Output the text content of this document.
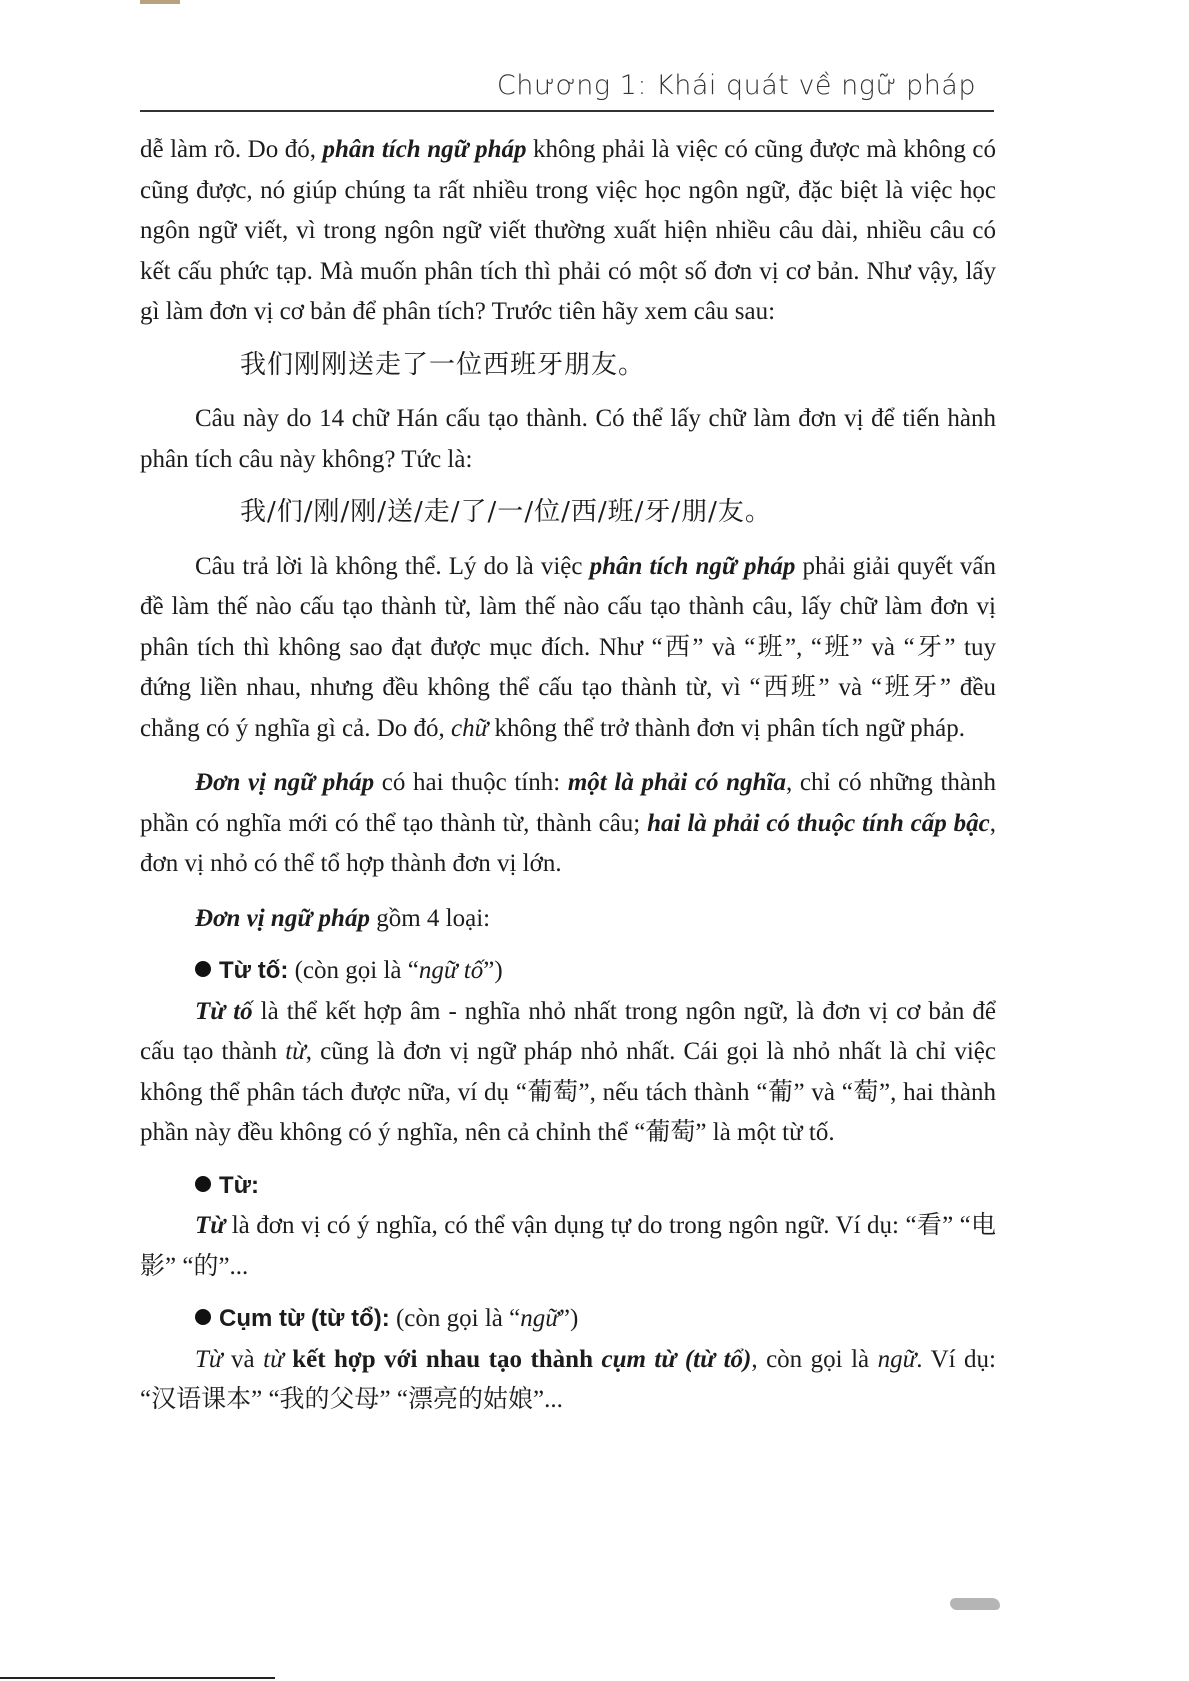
Chương 1: Khái quát về ngữ pháp

dễ làm rõ. Do đó, phân tích ngữ pháp không phải là việc có cũng được mà không có cũng được, nó giúp chúng ta rất nhiều trong việc học ngôn ngữ, đặc biệt là việc học ngôn ngữ viết, vì trong ngôn ngữ viết thường xuất hiện nhiều câu dài, nhiều câu có kết cấu phức tạp. Mà muốn phân tích thì phải có một số đơn vị cơ bản. Như vậy, lấy gì làm đơn vị cơ bản để phân tích? Trước tiên hãy xem câu sau:

我们刚刚送走了一位西班牙朋友。

Câu này do 14 chữ Hán cấu tạo thành. Có thể lấy chữ làm đơn vị để tiến hành phân tích câu này không? Tức là:

我/们/刚/刚/送/走/了/一/位/西/班/牙/朋/友。

Câu trả lời là không thể. Lý do là việc phân tích ngữ pháp phải giải quyết vấn đề làm thế nào cấu tạo thành từ, làm thế nào cấu tạo thành câu, lấy chữ làm đơn vị phân tích thì không sao đạt được mục đích. Như “西” và “班”, “班” và “牙” tuy đứng liền nhau, nhưng đều không thể cấu tạo thành từ, vì “西班” và “班牙” đều chẳng có ý nghĩa gì cả. Do đó, chữ không thể trở thành đơn vị phân tích ngữ pháp.

Đơn vị ngữ pháp có hai thuộc tính: một là phải có nghĩa, chỉ có những thành phần có nghĩa mới có thể tạo thành từ, thành câu; hai là phải có thuộc tính cấp bậc, đơn vị nhỏ có thể tổ hợp thành đơn vị lớn.

Đơn vị ngữ pháp gồm 4 loại:

Từ tố: (còn gọi là “ngữ tố”)

Từ tố là thể kết hợp âm - nghĩa nhỏ nhất trong ngôn ngữ, là đơn vị cơ bản để cấu tạo thành từ, cũng là đơn vị ngữ pháp nhỏ nhất. Cái gọi là nhỏ nhất là chỉ việc không thể phân tách được nữa, ví dụ “葡萄”, nếu tách thành “葡” và “萄”, hai thành phần này đều không có ý nghĩa, nên cả chỉnh thể “葡萄” là một từ tố.

Từ:

Từ là đơn vị có ý nghĩa, có thể vận dụng tự do trong ngôn ngữ. Ví dụ: “看” “电影” “的”...

Cụm từ (từ tổ): (còn gọi là “ngữ”)

Từ và từ kết hợp với nhau tạo thành cụm từ (từ tổ), còn gọi là ngữ. Ví dụ: “汉语课本” “我的父母” “漂亮的姑娘”...
